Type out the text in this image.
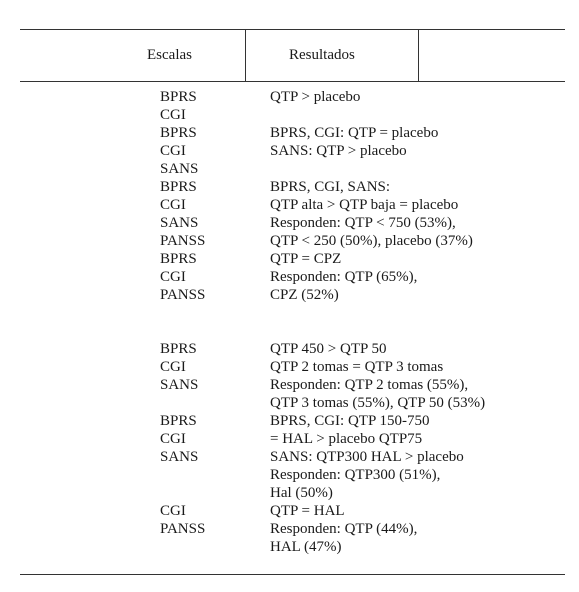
Escalas	Resultados
BPRS
CGI
BPRS
CGI
SANS
BPRS
CGI
SANS
PANSS
BPRS
CGI
PANSS
BPRS
CGI
SANS
BPRS
CGI
SANS
CGI
PANSS
QTP > placebo
BPRS, CGI: QTP = placebo
SANS: QTP > placebo
BPRS, CGI, SANS:
QTP alta > QTP baja = placebo
Responden: QTP < 750 (53%),
QTP < 250 (50%), placebo (37%)
QTP = CPZ
Responden: QTP (65%),
CPZ (52%)
QTP 450 > QTP 50
QTP 2 tomas = QTP 3 tomas
Responden: QTP 2 tomas (55%),
QTP 3 tomas (55%), QTP 50 (53%)
BPRS, CGI: QTP 150-750
= HAL > placebo QTP75
SANS: QTP300 HAL > placebo
Responden: QTP300 (51%),
Hal (50%)
QTP = HAL
Responden: QTP (44%),
HAL (47%)
